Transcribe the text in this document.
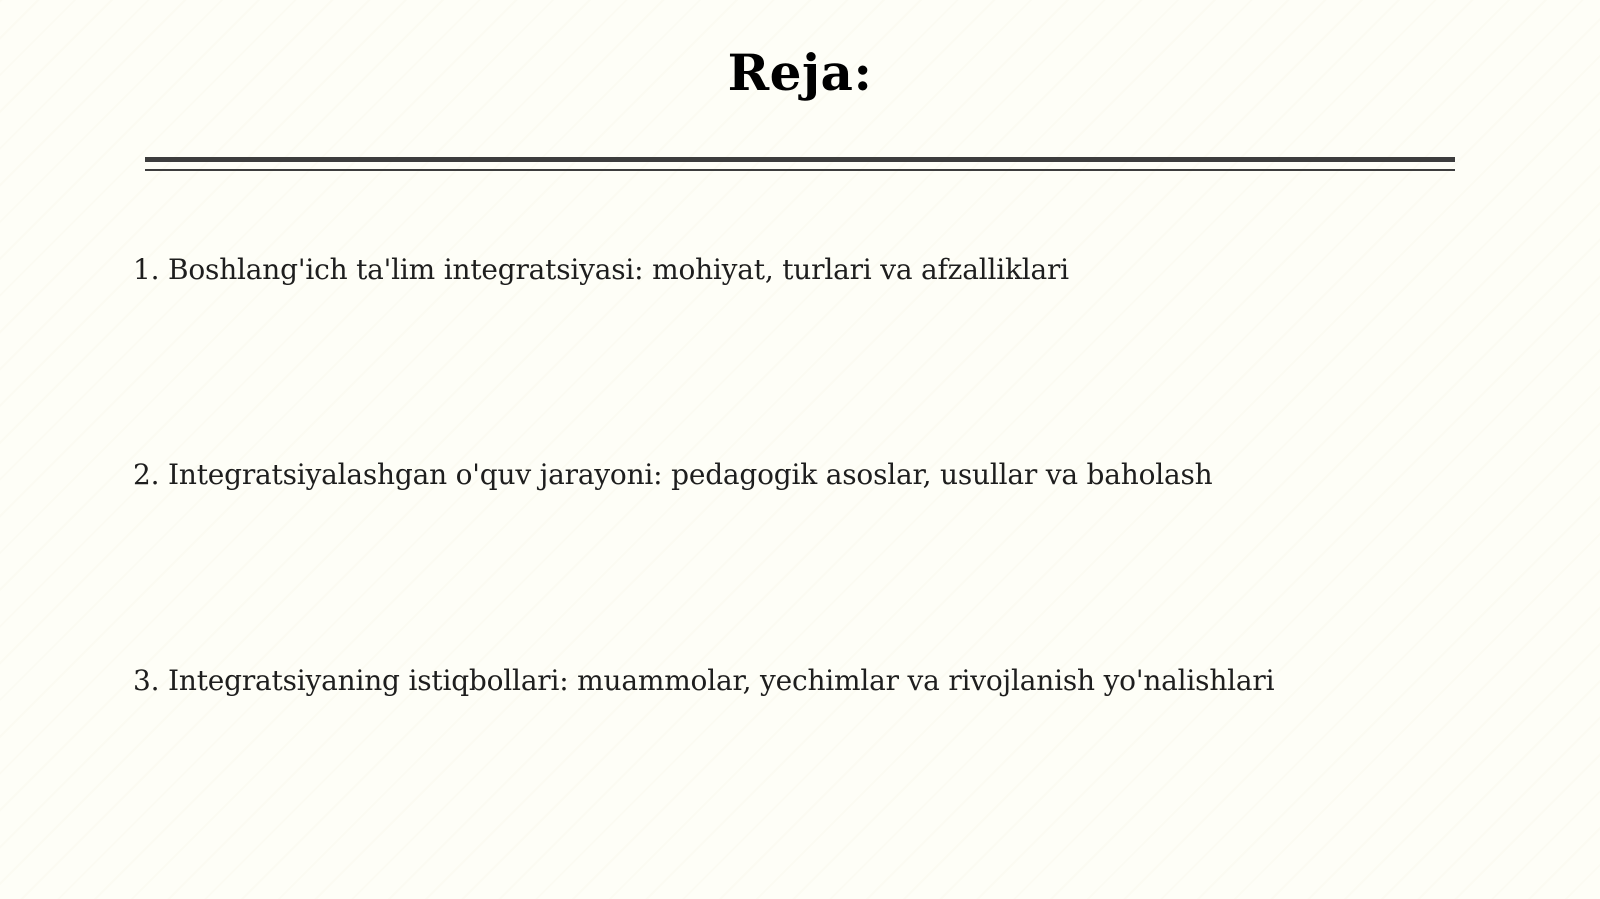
Reja:
1. Boshlang'ich ta'lim integratsiyasi: mohiyat, turlari va afzalliklari
2. Integratsiyalashgan o'quv jarayoni: pedagogik asoslar, usullar va baholash
3. Integratsiyaning istiqbollari: muammolar, yechimlar va rivojlanish yo'nalishlari
